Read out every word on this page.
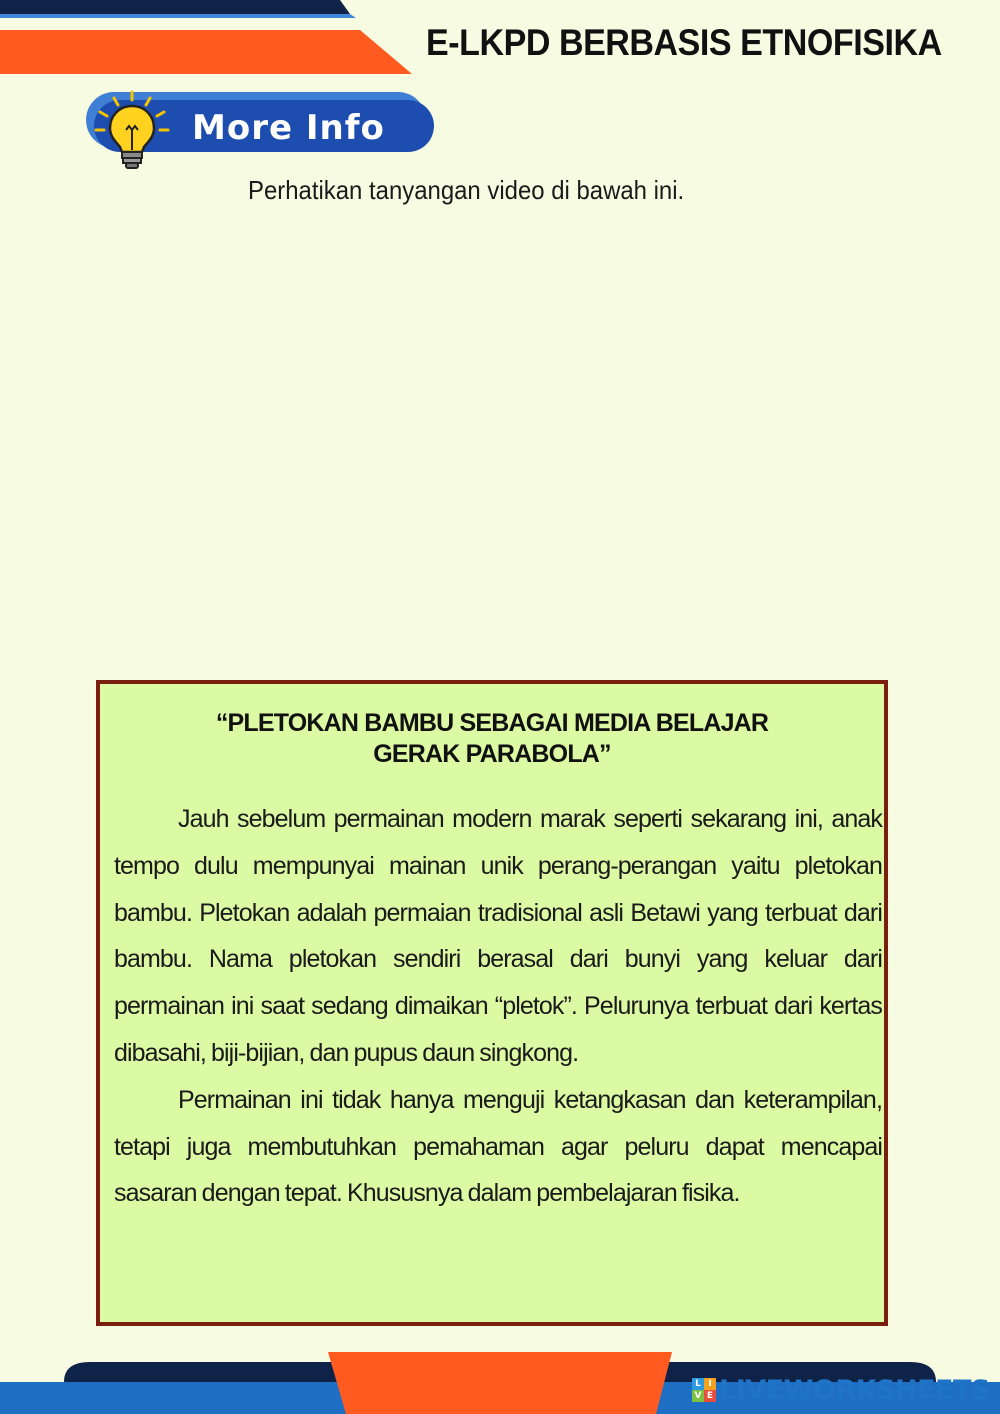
E-LKPD BERBASIS ETNOFISIKA
More Info
Perhatikan tanyangan video di bawah ini.
“PLETOKAN BAMBU SEBAGAI MEDIA BELAJAR
GERAK PARABOLA”

Jauh sebelum permainan modern marak seperti sekarang ini, anak tempo dulu mempunyai mainan unik perang-perangan yaitu pletokan bambu. Pletokan adalah permaian tradisional asli Betawi yang terbuat dari bambu. Nama pletokan sendiri berasal dari bunyi yang keluar dari permainan ini saat sedang dimaikan “pletok”. Pelurunya terbuat dari kertas dibasahi, biji-bijian, dan pupus daun singkong.

Permainan ini tidak hanya menguji ketangkasan dan keterampilan, tetapi juga membutuhkan pemahaman agar peluru dapat mencapai sasaran dengan tepat. Khususnya dalam pembelajaran fisika.

L I
V E LIVEWORKSHEETS
